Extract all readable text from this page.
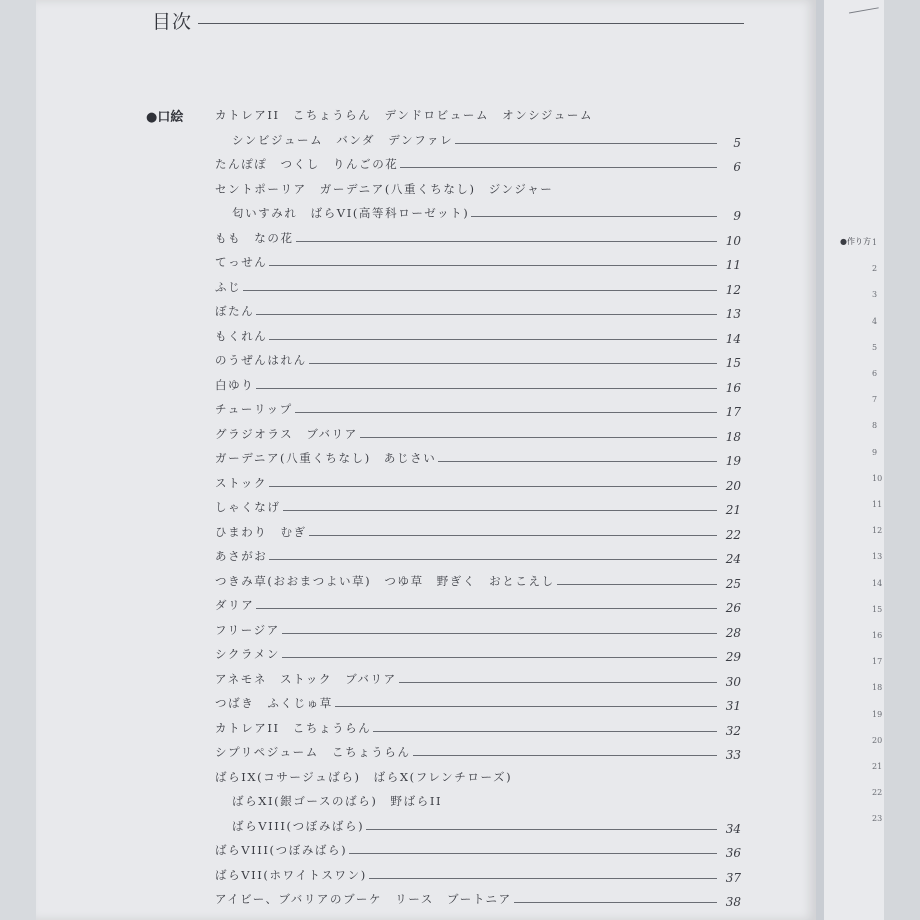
目次
●口絵	カトレアII　こちょうらん　デンドロビューム　オンシジューム
シンビジューム　バンダ　デンファレ	5
たんぽぽ　つくし　りんごの花	6
セントポーリア　ガーデニア(八重くちなし)　ジンジャー
匂いすみれ　ばらVI(高等科ローゼット)	9
もも　なの花	10
てっせん	11
ふじ	12
ぼたん	13
もくれん	14
のうぜんはれん	15
白ゆり	16
チューリップ	17
グラジオラス　ブバリア	18
ガーデニア(八重くちなし)　あじさい	19
ストック	20
しゃくなげ	21
ひまわり　むぎ	22
あさがお	24
つきみ草(おおまつよい草)　つゆ草　野ぎく　おとこえし	25
ダリア	26
フリージア	28
シクラメン	29
アネモネ　ストック　ブバリア	30
つばき　ふくじゅ草	31
カトレアII　こちょうらん	32
シプリペジューム　こちょうらん	33
ばらIX(コサージュばら)　ばらX(フレンチローズ)
ばらXI(銀ゴースのばら)　野ばらII
ばらVIII(つぼみばら)	34
ばらVIII(つぼみばら)	36
ばらVII(ホワイトスワン)	37
アイビー、ブバリアのブーケ　リース　ブートニア	38
●作り方 1
2
3
4
5
6
7
8
9
10
11
12
13
14
15
16
17
18
19
20
21
22
23
